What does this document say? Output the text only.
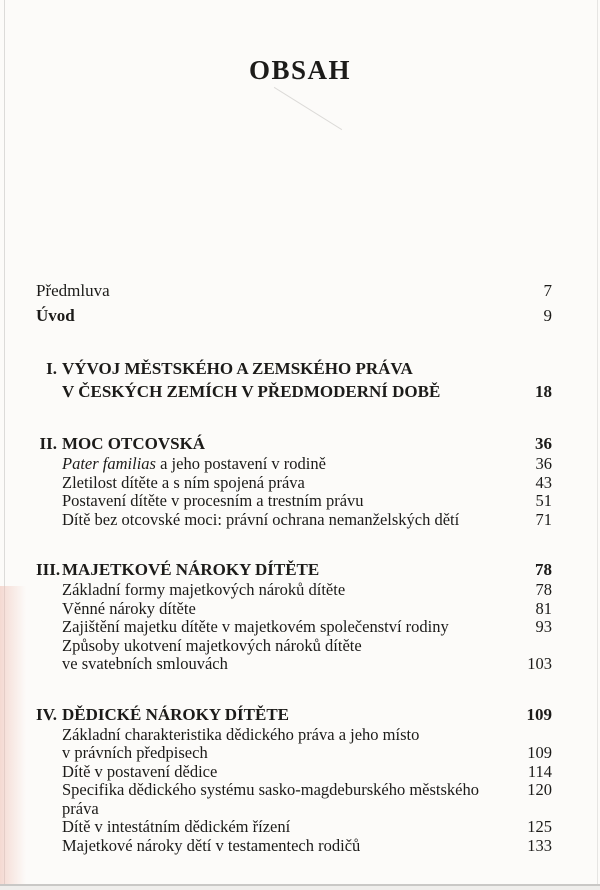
OBSAH
Předmluva	7
Úvod	9
I. VÝVOJ MĚSTSKÉHO A ZEMSKÉHO PRÁVA
V ČESKÝCH ZEMÍCH V PŘEDMODERNÍ DOBĚ	18
II. MOC OTCOVSKÁ	36
Pater familias a jeho postavení v rodině	36
Zletilost dítěte a s ním spojená práva	43
Postavení dítěte v procesním a trestním právu	51
Dítě bez otcovské moci: právní ochrana nemanželských dětí	71
III. MAJETKOVÉ NÁROKY DÍTĚTE	78
Základní formy majetkových nároků dítěte	78
Věnné nároky dítěte	81
Zajištění majetku dítěte v majetkovém společenství rodiny	93
Způsoby ukotvení majetkových nároků dítěte
ve svatebních smlouvách	103
IV. DĚDICKÉ NÁROKY DÍTĚTE	109
Základní charakteristika dědického práva a jeho místo
v právních předpisech	109
Dítě v postavení dědice	114
Specifika dědického systému sasko-magdeburského městského práva
120
Dítě v intestátním dědickém řízení	125
Majetkové nároky dětí v testamentech rodičů	133
